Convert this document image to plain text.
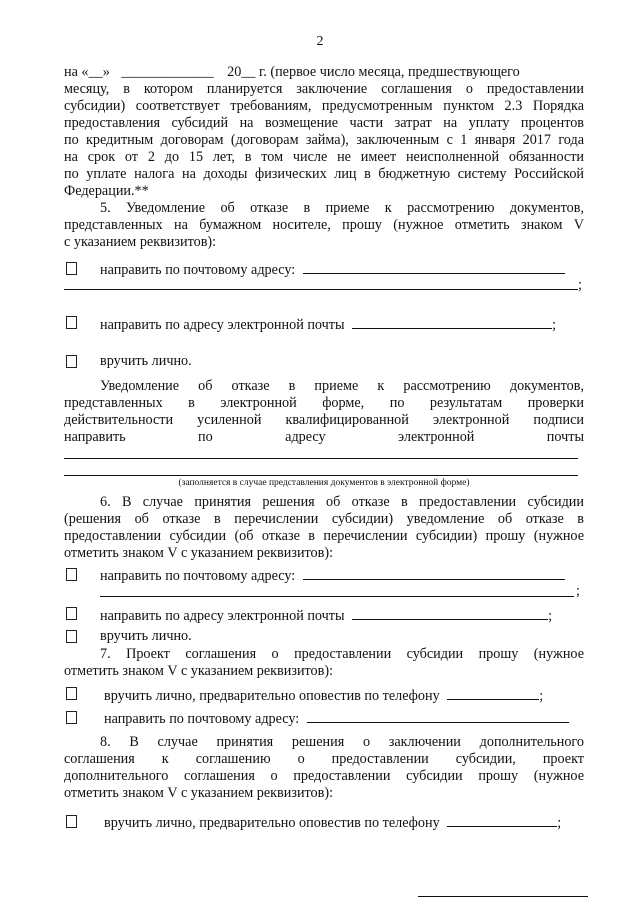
2
на «__» _____________ 20__ г. (первое число месяца, предшествующего
месяцу, в котором планируется заключение соглашения о предоставлении
субсидии) соответствует требованиям, предусмотренным пунктом 2.3 Порядка
предоставления субсидий на возмещение части затрат на уплату процентов
по кредитным договорам (договорам займа), заключенным с 1 января 2017 года
на срок от 2 до 15 лет, в том числе не имеет неисполненной обязанности
по уплате налога на доходы физических лиц в бюджетную систему Российской
Федерации.**
5. Уведомление об отказе в приеме к рассмотрению документов,
представленных на бумажном носителе, прошу (нужное отметить знаком V
с указанием реквизитов):
направить по почтовому адресу:
;
направить по адресу электронной почты	;
вручить лично.
Уведомление об отказе в приеме к рассмотрению документов,
представленных в электронной форме, по результатам проверки
действительности усиленной квалифицированной электронной подписи
направить по адресу электронной почты
(заполняется в случае представления документов в электронной форме)
6. В случае принятия решения об отказе в предоставлении субсидии
(решения об отказе в перечислении субсидии) уведомление об отказе в
предоставлении субсидии (об отказе в перечислении субсидии) прошу (нужное
отметить знаком V с указанием реквизитов):
направить по почтовому адресу:
;
направить по адресу электронной почты	;
вручить лично.
7. Проект соглашения о предоставлении субсидии прошу (нужное
отметить знаком V с указанием реквизитов):
вручить лично, предварительно оповестив по телефону	;
направить по почтовому адресу:
8. В случае принятия решения о заключении дополнительного
соглашения к соглашению о предоставлении субсидии, проект
дополнительного соглашения о предоставлении субсидии прошу (нужное
отметить знаком V с указанием реквизитов):
вручить лично, предварительно оповестив по телефону	;
